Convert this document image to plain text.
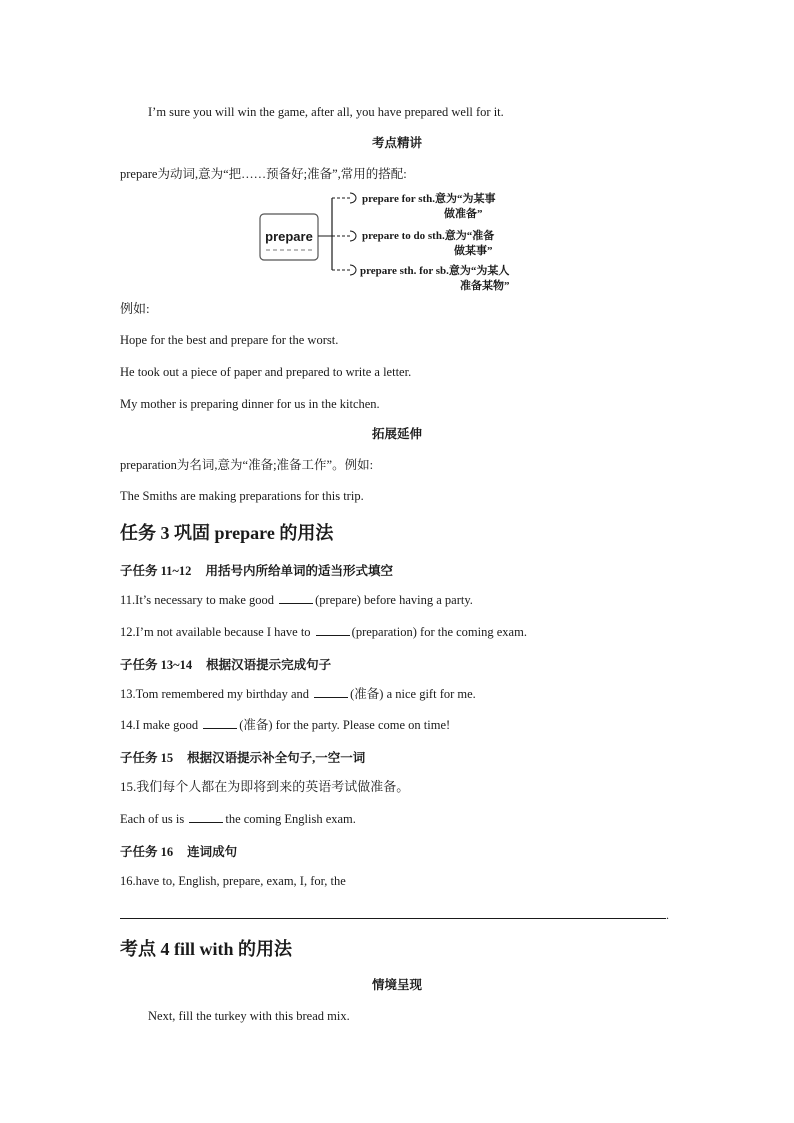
I’m sure you will win the game, after all, you have prepared well for it.
考点精讲
prepare为动词,意为“把……预备好;准备”,常用的搭配:
prepare
prepare for sth.意为“为某事
做准备”
prepare to do sth.意为“准备
做某事”
prepare sth. for sb.意为“为某人
准备某物”
例如:
Hope for the best and prepare for the worst.
He took out a piece of paper and prepared to write a letter.
My mother is preparing dinner for us in the kitchen.
拓展延伸
preparation为名词,意为“准备;准备工作”。例如:
The Smiths are making preparations for this trip.
任务 3 巩固 prepare 的用法
子任务 11~12 用括号内所给单词的适当形式填空
11.It’s necessary to make good	(prepare) before having a party.
12.I’m not available because I have to	(preparation) for the coming exam.
子任务 13~14 根据汉语提示完成句子
13.Tom remembered my birthday and	(准备) a nice gift for me.
14.I make good	(准备) for the party. Please come on time!
子任务 15 根据汉语提示补全句子,一空一词
15.我们每个人都在为即将到来的英语考试做准备。
Each of us is	the coming English exam.
子任务 16 连词成句
16.have to, English, prepare, exam, I, for, the
.
考点 4 fill with 的用法
情境呈现
Next, fill the turkey with this bread mix.
